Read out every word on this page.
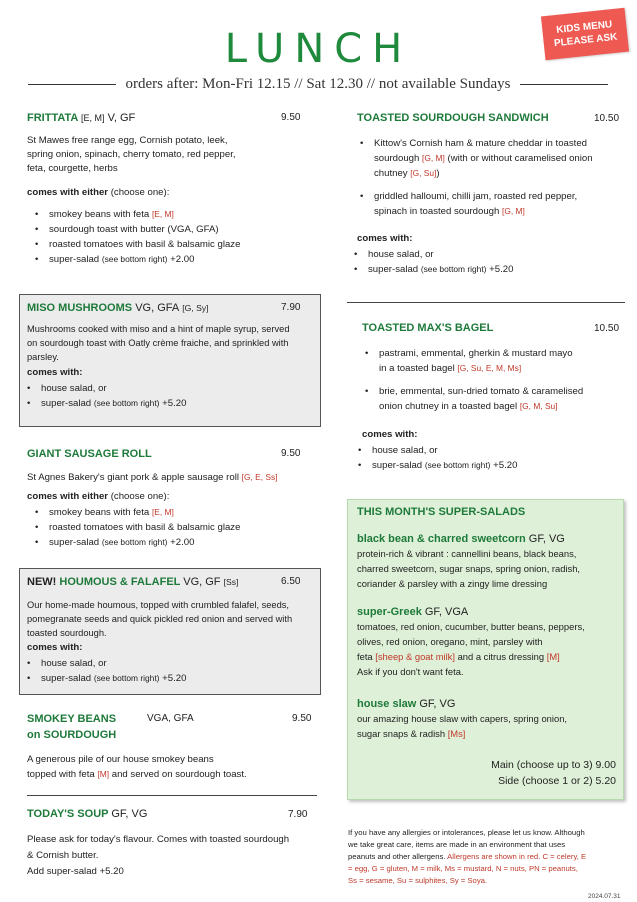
LUNCH	KIDS MENU
PLEASE ASK
orders after: Mon-Fri 12.15 // Sat 12.30 // not available Sundays
FRITTATA [E, M] V, GF	9.50
St Mawes free range egg, Cornish potato, leek,
spring onion, spinach, cherry tomato, red pepper,
feta, courgette, herbs
comes with either (choose one):
• smokey beans with feta [E, M]
• sourdough toast with butter (VGA, GFA)
• roasted tomatoes with basil & balsamic glaze
• super-salad (see bottom right) +2.00
MISO MUSHROOMS VG, GFA [G, Sy]	7.90
Mushrooms cooked with miso and a hint of maple syrup, served
on sourdough toast with Oatly crème fraiche, and sprinkled with
parsley.
comes with:
• house salad, or
• super-salad (see bottom right) +5.20
GIANT SAUSAGE ROLL	9.50
St Agnes Bakery's giant pork & apple sausage roll [G, E, Ss]
comes with either (choose one):
• smokey beans with feta [E, M]
• roasted tomatoes with basil & balsamic glaze
• super-salad (see bottom right) +2.00
NEW! HOUMOUS & FALAFEL VG, GF [Ss]	6.50
Our home-made houmous, topped with crumbled falafel, seeds,
pomegranate seeds and quick pickled red onion and served with
toasted sourdough.
comes with:
• house salad, or
• super-salad (see bottom right) +5.20
SMOKEY BEANS
on SOURDOUGH
VGA, GFA	9.50
A generous pile of our house smokey beans
topped with feta [M] and served on sourdough toast.
TODAY'S SOUP GF, VG	7.90
Please ask for today's flavour. Comes with toasted sourdough
& Cornish butter.
Add super-salad +5.20
TOASTED SOURDOUGH SANDWICH	10.50
• Kittow's Cornish ham & mature cheddar in toasted
sourdough [G, M] (with or without caramelised onion
chutney [G, Su])
• griddled halloumi, chilli jam, roasted red pepper,
spinach in toasted sourdough [G, M]
comes with:
• house salad, or
• super-salad (see bottom right) +5.20
TOASTED MAX'S BAGEL	10.50
• pastrami, emmental, gherkin & mustard mayo
in a toasted bagel [G, Su, E, M, Ms]
• brie, emmental, sun-dried tomato & caramelised
onion chutney in a toasted bagel [G, M, Su]
comes with:
• house salad, or
• super-salad (see bottom right) +5.20
THIS MONTH'S SUPER-SALADS
black bean & charred sweetcorn GF, VG
protein-rich & vibrant : cannellini beans, black beans,
charred sweetcorn, sugar snaps, spring onion, radish,
coriander & parsley with a zingy lime dressing
super-Greek GF, VGA
tomatoes, red onion, cucumber, butter beans, peppers,
olives, red onion, oregano, mint, parsley with
feta [sheep & goat milk] and a citrus dressing [M]
Ask if you don't want feta.
house slaw GF, VG
our amazing house slaw with capers, spring onion,
sugar snaps & radish [Ms]
Main (choose up to 3) 9.00
Side (choose 1 or 2) 5.20
If you have any allergies or intolerances, please let us know. Although
we take great care, items are made in an environment that uses
peanuts and other allergens. Allergens are shown in red. C = celery, E
= egg, G = gluten, M = milk, Ms = mustard, N = nuts, PN = peanuts,
Ss = sesame, Su = sulphites, Sy = Soya.
2024.07.31
